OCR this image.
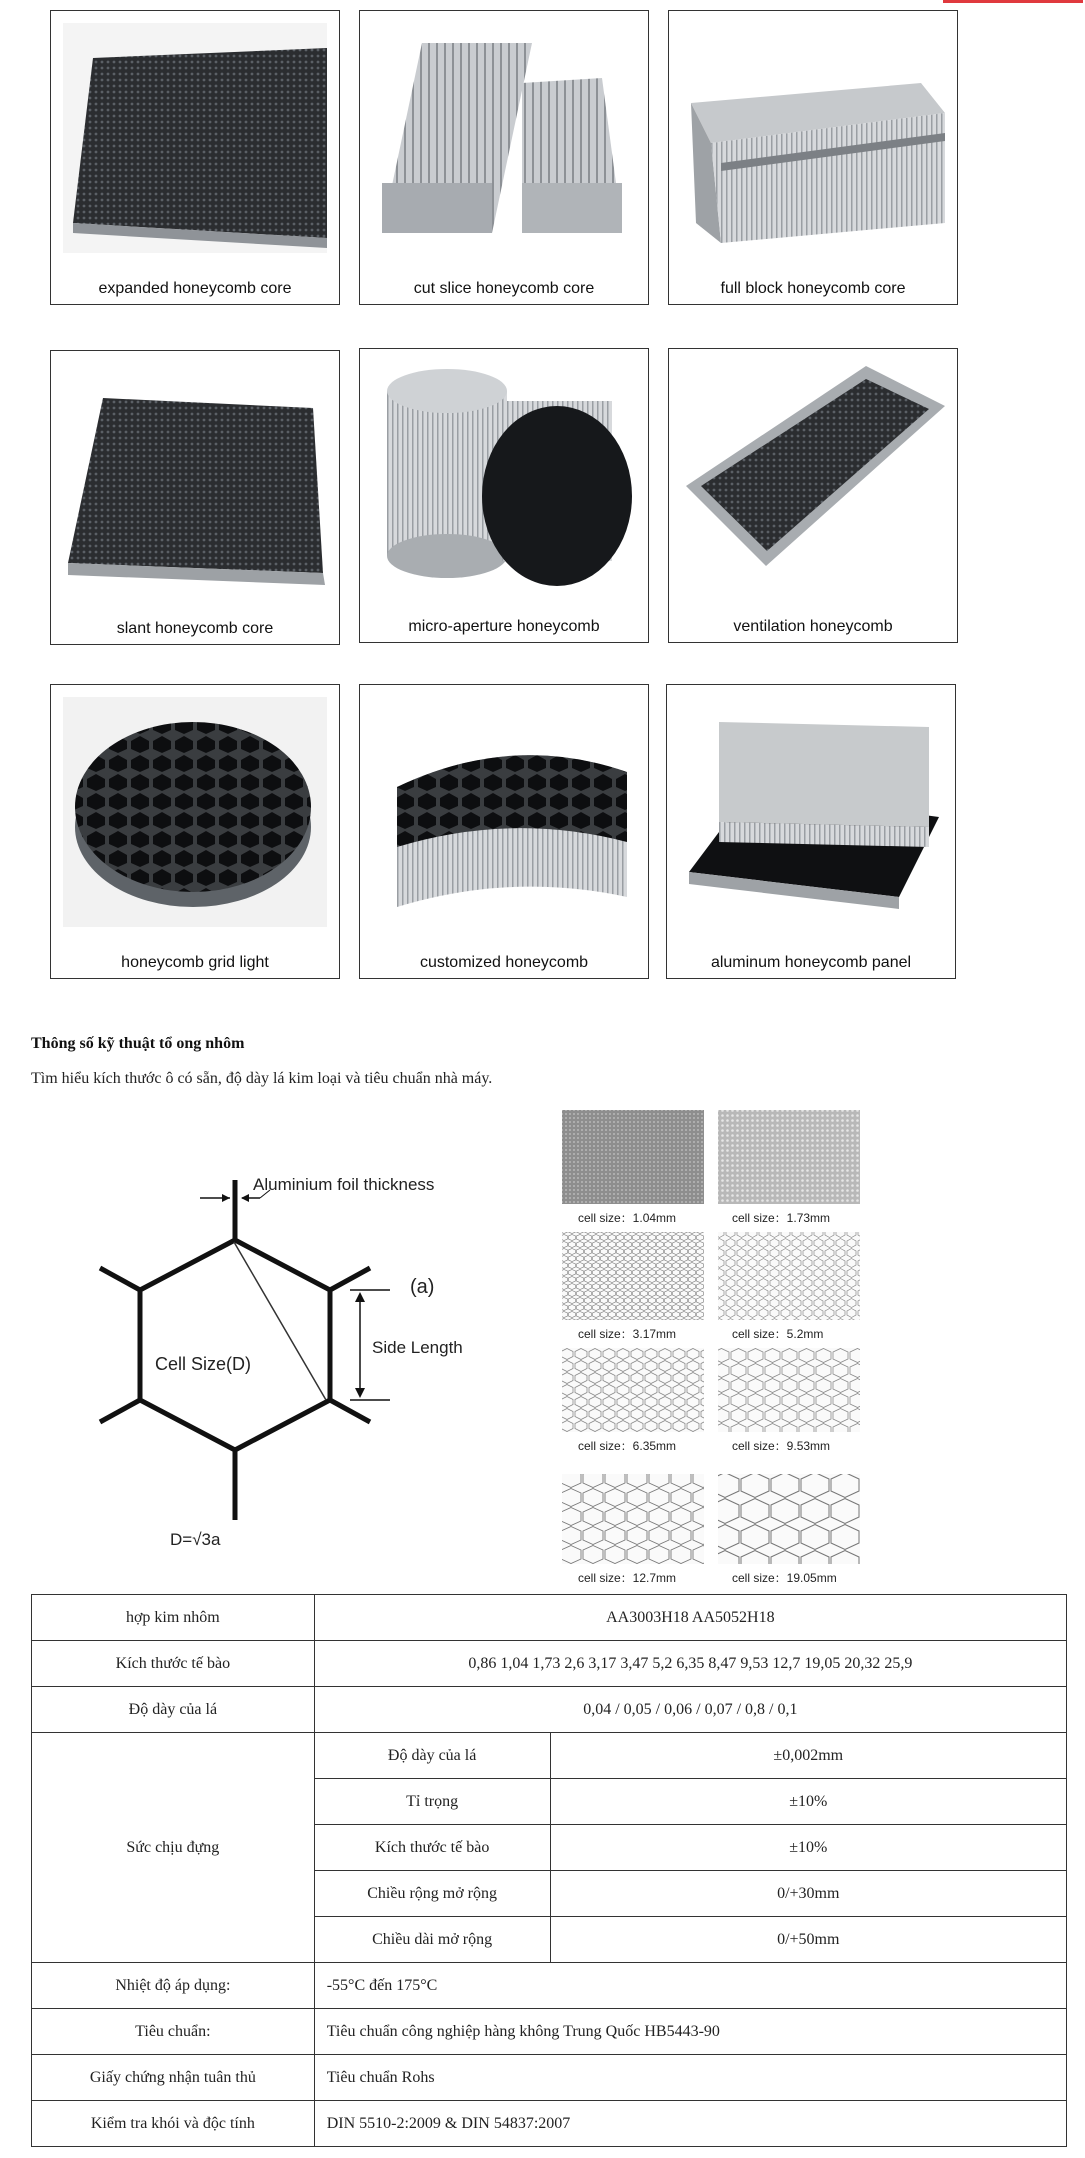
expanded honeycomb core	cut slice honeycomb core	full block honeycomb core
slant honeycomb core	micro-aperture honeycomb	ventilation honeycomb
honeycomb grid light	customized honeycomb	aluminum honeycomb panel
Thông số kỹ thuật tổ ong nhôm
Tìm hiểu kích thước ô có sẵn, độ dày lá kim loại và tiêu chuẩn nhà máy.
Aluminium foil thickness
Side Length
(a)
Cell Size(D)
D=√3a
cell size：1.04mm	cell size：1.73mm
cell size：3.17mm	cell size：5.2mm
cell size：6.35mm	cell size：9.53mm
cell size：12.7mm	cell size：19.05mm
hợp kim nhôm	AA3003H18 AA5052H18	
Kích thước tế bào	0,86 1,04 1,73 2,6 3,17 3,47 5,2 6,35 8,47 9,53 12,7 19,05 20,32 25,9	
Độ dày của lá	0,04 / 0,05 / 0,06 / 0,07 / 0,8 / 0,1	
Sức chịu đựng	Độ dày của lá	±0,002mm
	Tỉ trọng	±10%
	Kích thước tế bào	±10%
	Chiều rộng mở rộng	0/+30mm
	Chiều dài mở rộng	0/+50mm
Nhiệt độ áp dụng:	-55°C đến 175°C	
Tiêu chuẩn:	Tiêu chuẩn công nghiệp hàng không Trung Quốc HB5443-90	
Giấy chứng nhận tuân thủ	Tiêu chuẩn Rohs	
Kiểm tra khói và độc tính	DIN 5510-2:2009 & DIN 54837:2007	
